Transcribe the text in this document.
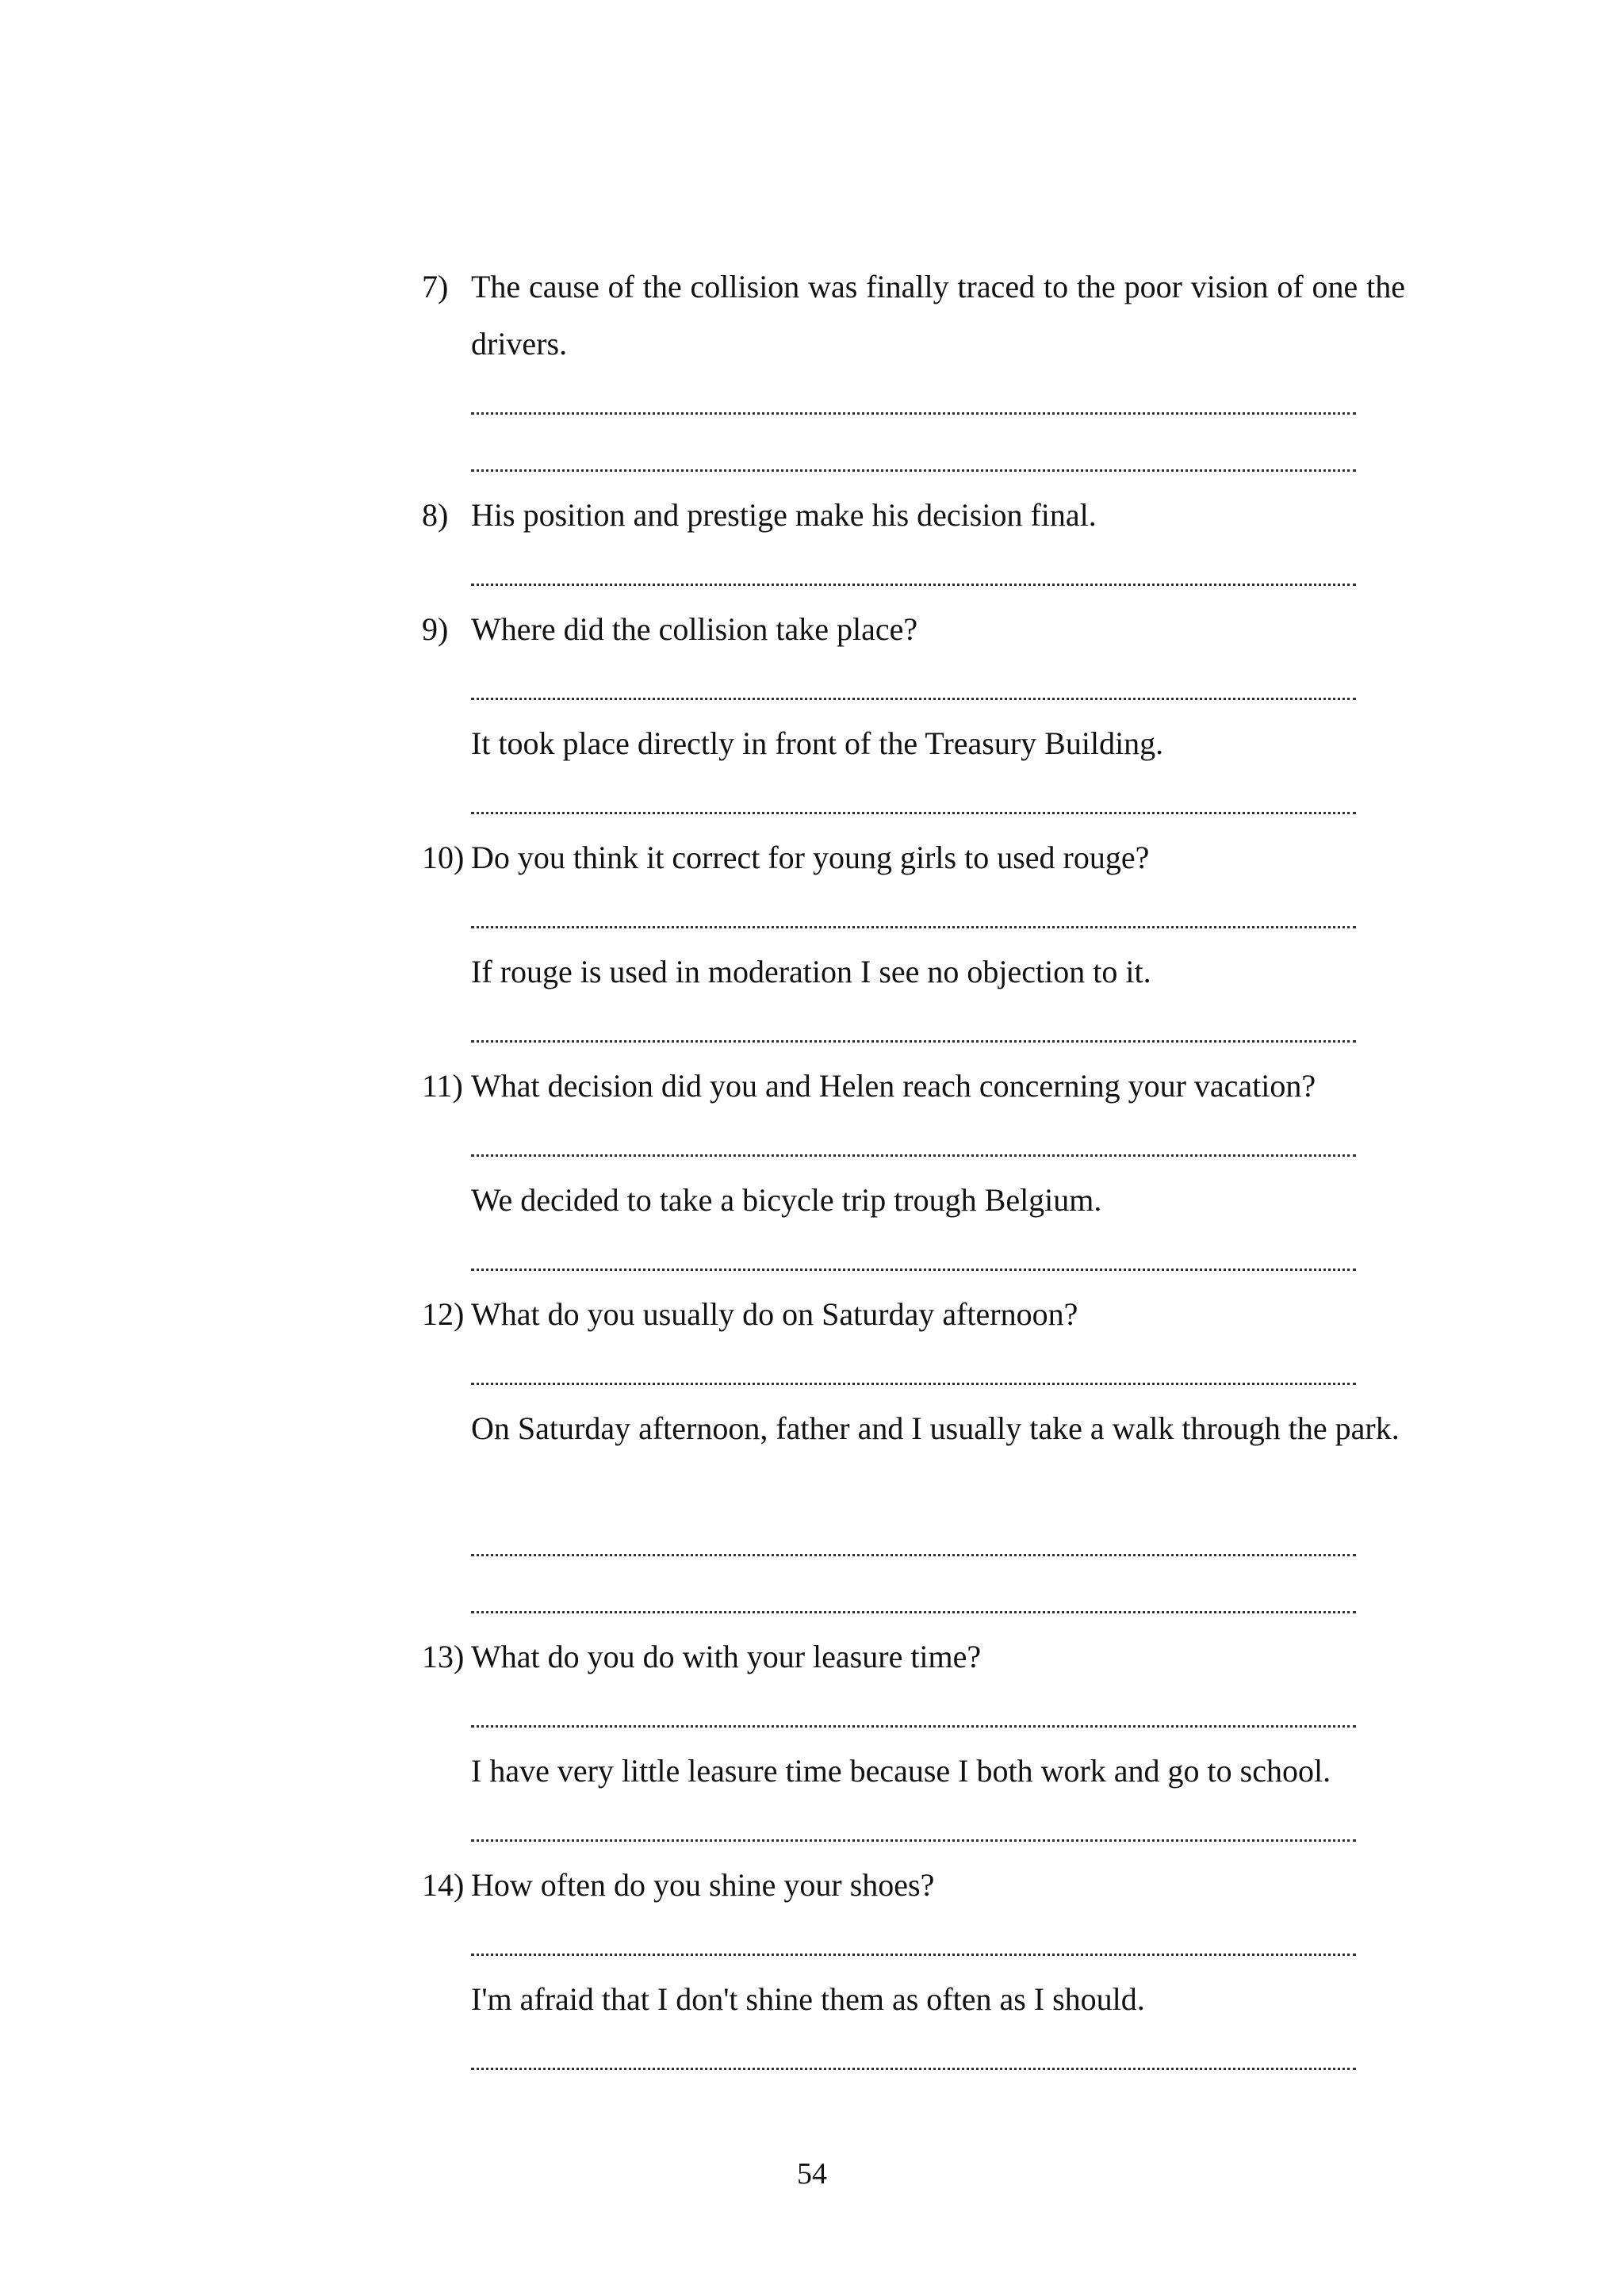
7) The cause of the collision was finally traced to the poor vision of one the drivers.
8) His position and prestige make his decision final.
9) Where did the collision take place?
It took place directly in front of the Treasury Building.
10) Do you think it correct for young girls to used rouge?
If rouge is used in moderation I see no objection to it.
11) What decision did you and Helen reach concerning your vacation?
We decided to take a bicycle trip trough Belgium.
12) What do you usually do on Saturday afternoon?
On Saturday afternoon, father and I usually take a walk through the park.
13) What do you do with your leasure time?
I have very little leasure time because I both work and go to school.
14) How often do you shine your shoes?
I'm afraid that I don't shine them as often as I should.
54
